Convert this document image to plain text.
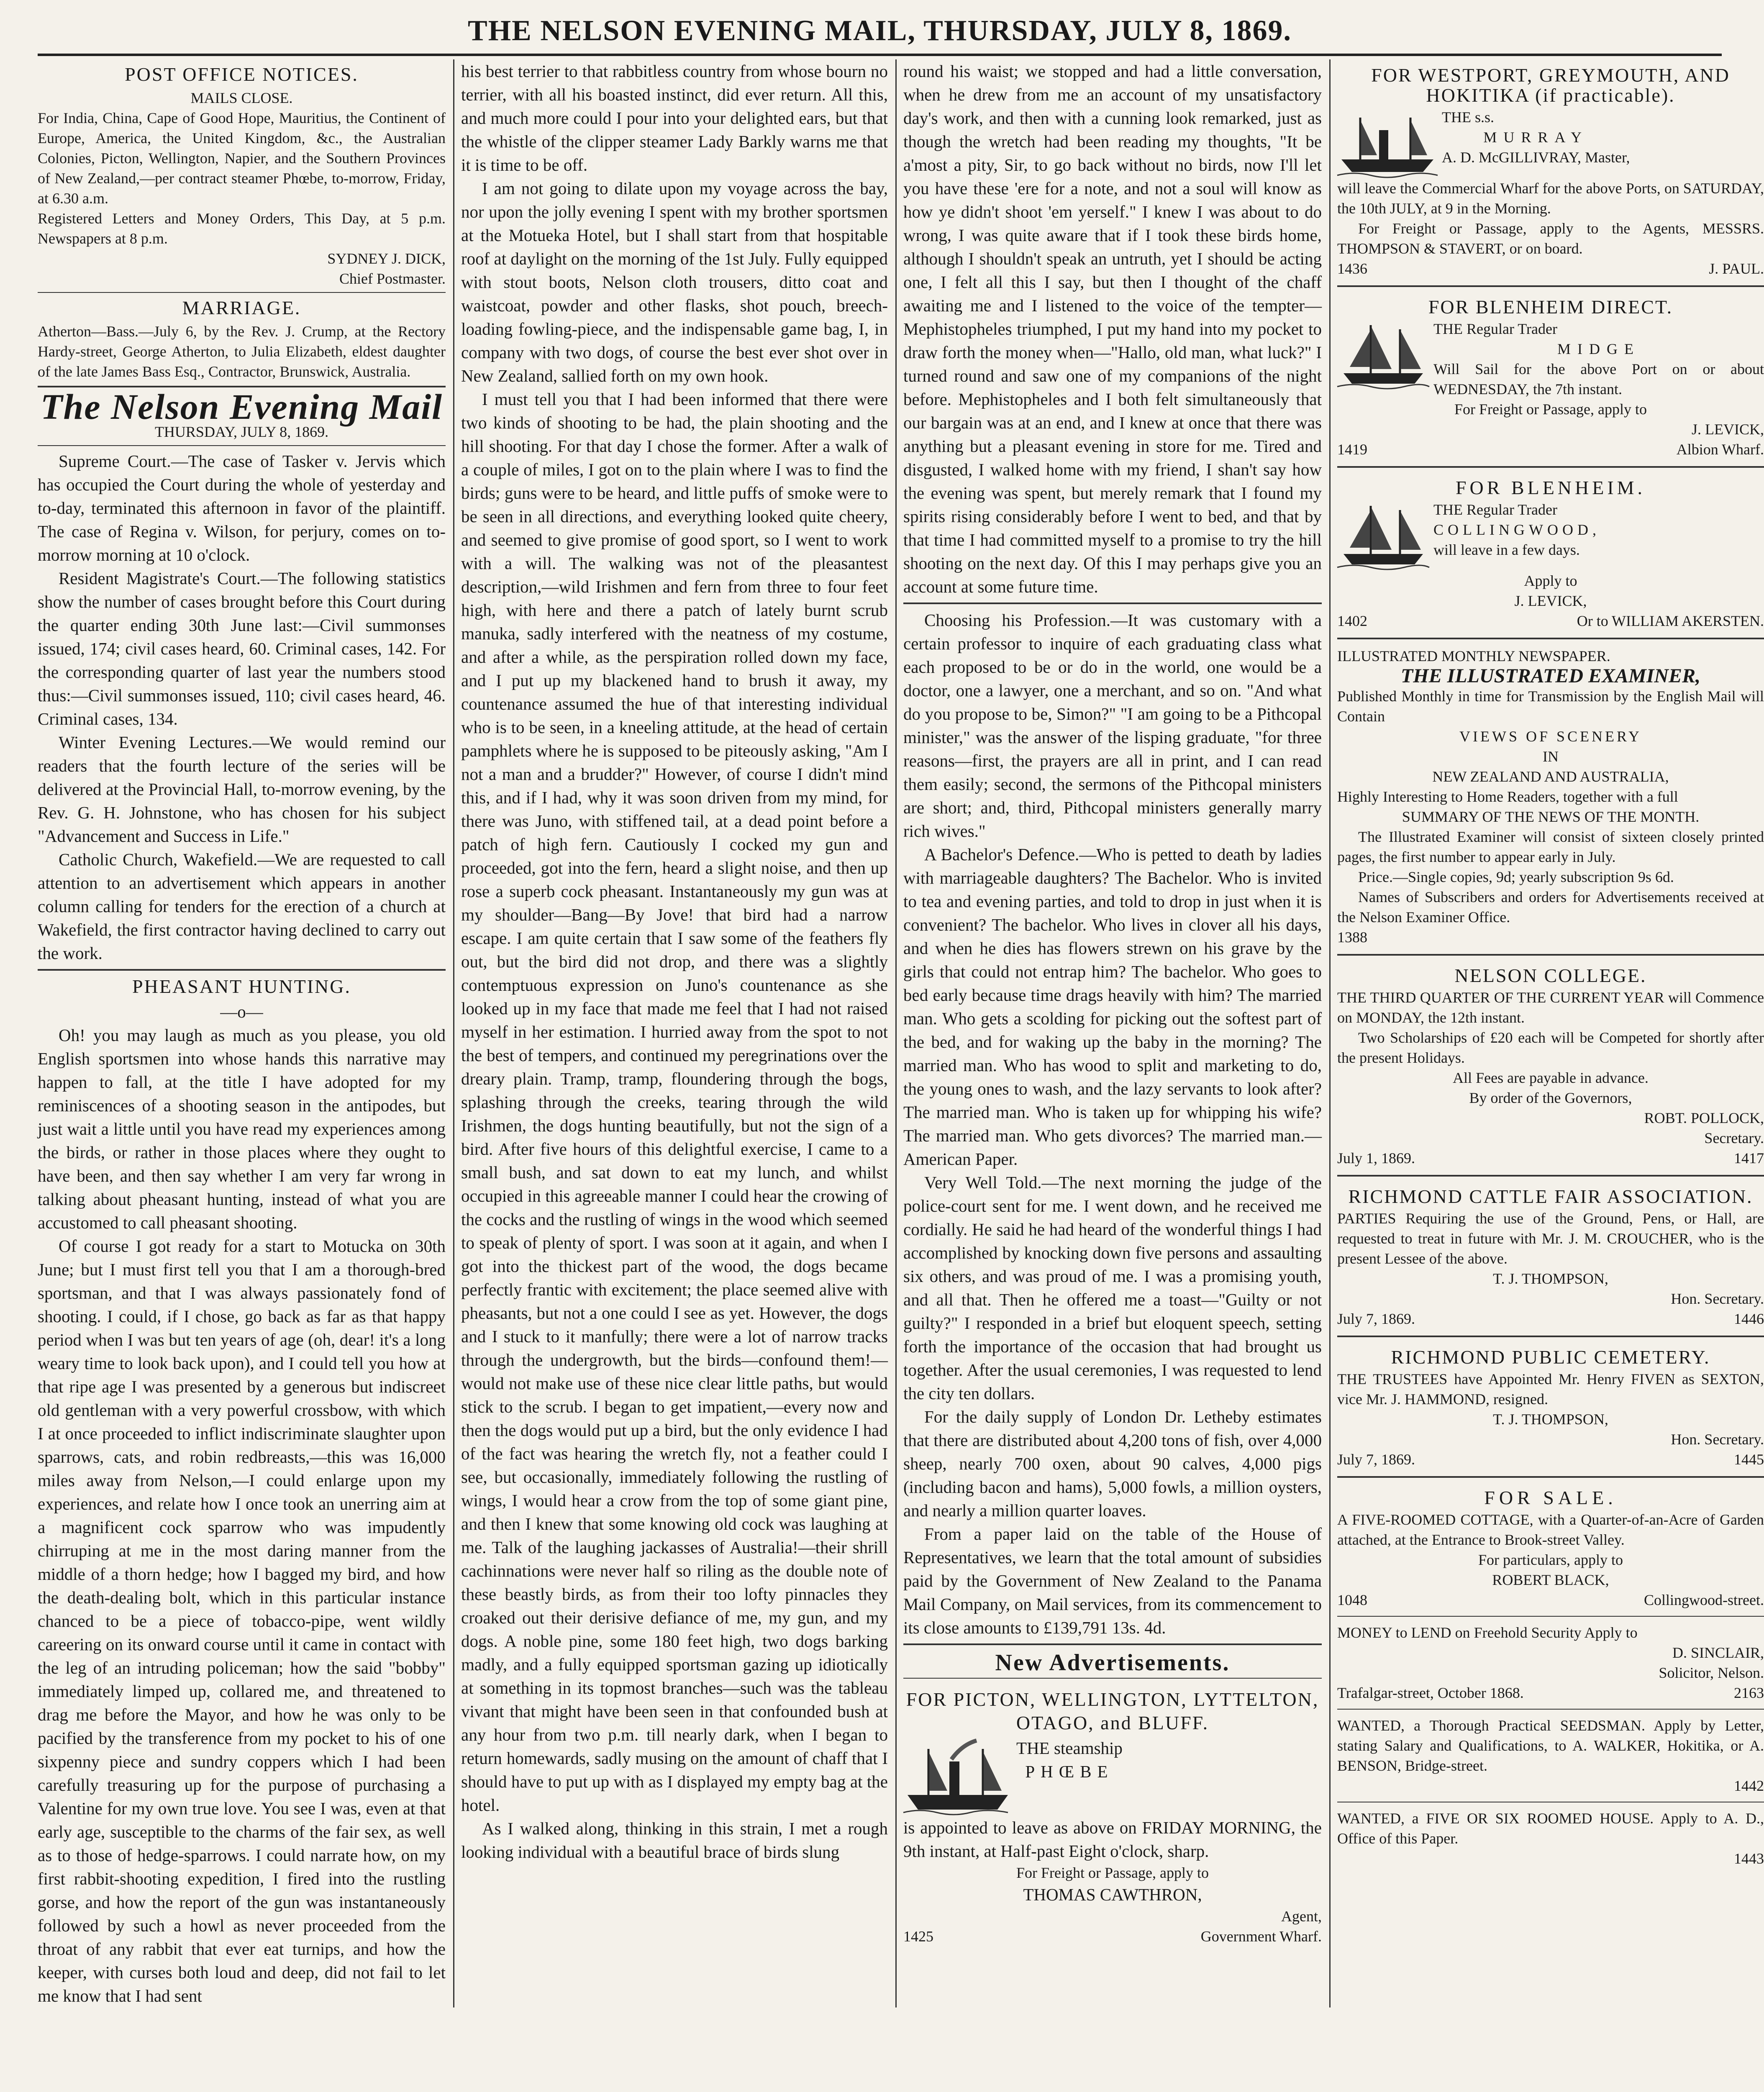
THE NELSON EVENING MAIL, THURSDAY, JULY 8, 1869.
POST OFFICE NOTICES.
MAILS CLOSE.

For India, China, Cape of Good Hope, Mauritius, the Continent of Europe, America, the United Kingdom, &c., the Australian Colonies, Picton, Wellington, Napier, and the Southern Provinces of New Zealand,—per contract steamer Phœbe, to-morrow, Friday, at 6.30 a.m.

Registered Letters and Money Orders, This Day, at 5 p.m. Newspapers at 8 p.m.

SYDNEY J. DICK,
Chief Postmaster.
MARRIAGE.

Atherton—Bass.—July 6, by the Rev. J. Crump, at the Rectory Hardy-street, George Atherton, to Julia Elizabeth, eldest daughter of the late James Bass Esq., Contractor, Brunswick, Australia.

The Nelson Evening Mail
THURSDAY, JULY 8, 1869.

Supreme Court.—The case of Tasker v. Jervis which has occupied the Court during the whole of yesterday and to-day, terminated this afternoon in favor of the plaintiff. The case of Regina v. Wilson, for perjury, comes on to-morrow morning at 10 o'clock.

Resident Magistrate's Court.—The following statistics show the number of cases brought before this Court during the quarter ending 30th June last:—Civil summonses issued, 174; civil cases heard, 60. Criminal cases, 142. For the corresponding quarter of last year the numbers stood thus:—Civil summonses issued, 110; civil cases heard, 46. Criminal cases, 134.

Winter Evening Lectures.—We would remind our readers that the fourth lecture of the series will be delivered at the Provincial Hall, to-morrow evening, by the Rev. G. H. Johnstone, who has chosen for his subject "Advancement and Success in Life."

Catholic Church, Wakefield.—We are requested to call attention to an advertisement which appears in another column calling for tenders for the erection of a church at Wakefield, the first contractor having declined to carry out the work.

PHEASANT HUNTING.
—o—

Oh! you may laugh as much as you please, you old English sportsmen into whose hands this narrative may happen to fall, at the title I have adopted for my reminiscences of a shooting season in the antipodes, but just wait a little until you have read my experiences among the birds, or rather in those places where they ought to have been, and then say whether I am very far wrong in talking about pheasant hunting, instead of what you are accustomed to call pheasant shooting.

Of course I got ready for a start to Motucka on 30th June; but I must first tell you that I am a thorough-bred sportsman, and that I was always passionately fond of shooting. I could, if I chose, go back as far as that happy period when I was but ten years of age (oh, dear! it's a long weary time to look back upon), and I could tell you how at that ripe age I was presented by a generous but indiscreet old gentleman with a very powerful crossbow, with which I at once proceeded to inflict indiscriminate slaughter upon sparrows, cats, and robin redbreasts,—this was 16,000 miles away from Nelson,—I could enlarge upon my experiences, and relate how I once took an unerring aim at a magnificent cock sparrow who was impudently chirruping at me in the most daring manner from the middle of a thorn hedge; how I bagged my bird, and how the death-dealing bolt, which in this particular instance chanced to be a piece of tobacco-pipe, went wildly careering on its onward course until it came in contact with the leg of an intruding policeman; how the said "bobby" immediately limped up, collared me, and threatened to drag me before the Mayor, and how he was only to be pacified by the transference from my pocket to his of one sixpenny piece and sundry coppers which I had been carefully treasuring up for the purpose of purchasing a Valentine for my own true love. You see I was, even at that early age, susceptible to the charms of the fair sex, as well as to those of hedge-sparrows. I could narrate how, on my first rabbit-shooting expedition, I fired into the rustling gorse, and how the report of the gun was instantaneously followed by such a howl as never proceeded from the throat of any rabbit that ever eat turnips, and how the keeper, with curses both loud and deep, did not fail to let me know that I had sent

his best terrier to that rabbitless country from whose bourn no terrier, with all his boasted instinct, did ever return. All this, and much more could I pour into your delighted ears, but that the whistle of the clipper steamer Lady Barkly warns me that it is time to be off.

I am not going to dilate upon my voyage across the bay, nor upon the jolly evening I spent with my brother sportsmen at the Motueka Hotel, but I shall start from that hospitable roof at daylight on the morning of the 1st July. Fully equipped with stout boots, Nelson cloth trousers, ditto coat and waistcoat, powder and other flasks, shot pouch, breech-loading fowling-piece, and the indispensable game bag, I, in company with two dogs, of course the best ever shot over in New Zealand, sallied forth on my own hook.

I must tell you that I had been informed that there were two kinds of shooting to be had, the plain shooting and the hill shooting. For that day I chose the former. After a walk of a couple of miles, I got on to the plain where I was to find the birds; guns were to be heard, and little puffs of smoke were to be seen in all directions, and everything looked quite cheery, and seemed to give promise of good sport, so I went to work with a will. The walking was not of the pleasantest description,—wild Irishmen and fern from three to four feet high, with here and there a patch of lately burnt scrub manuka, sadly interfered with the neatness of my costume, and after a while, as the perspiration rolled down my face, and I put up my blackened hand to brush it away, my countenance assumed the hue of that interesting individual who is to be seen, in a kneeling attitude, at the head of certain pamphlets where he is supposed to be piteously asking, "Am I not a man and a brudder?" However, of course I didn't mind this, and if I had, why it was soon driven from my mind, for there was Juno, with stiffened tail, at a dead point before a patch of high fern. Cautiously I cocked my gun and proceeded, got into the fern, heard a slight noise, and then up rose a superb cock pheasant. Instantaneously my gun was at my shoulder—Bang—By Jove! that bird had a narrow escape. I am quite certain that I saw some of the feathers fly out, but the bird did not drop, and there was a slightly contemptuous expression on Juno's countenance as she looked up in my face that made me feel that I had not raised myself in her estimation. I hurried away from the spot to not the best of tempers, and continued my peregrinations over the dreary plain. Tramp, tramp, floundering through the bogs, splashing through the creeks, tearing through the wild Irishmen, the dogs hunting beautifully, but not the sign of a bird. After five hours of this delightful exercise, I came to a small bush, and sat down to eat my lunch, and whilst occupied in this agreeable manner I could hear the crowing of the cocks and the rustling of wings in the wood which seemed to speak of plenty of sport. I was soon at it again, and when I got into the thickest part of the wood, the dogs became perfectly frantic with excitement; the place seemed alive with pheasants, but not a one could I see as yet. However, the dogs and I stuck to it manfully; there were a lot of narrow tracks through the undergrowth, but the birds—confound them!—would not make use of these nice clear little paths, but would stick to the scrub. I began to get impatient,—every now and then the dogs would put up a bird, but the only evidence I had of the fact was hearing the wretch fly, not a feather could I see, but occasionally, immediately following the rustling of wings, I would hear a crow from the top of some giant pine, and then I knew that some knowing old cock was laughing at me. Talk of the laughing jackasses of Australia!—their shrill cachinnations were never half so riling as the double note of these beastly birds, as from their too lofty pinnacles they croaked out their derisive defiance of me, my gun, and my dogs. A noble pine, some 180 feet high, two dogs barking madly, and a fully equipped sportsman gazing up idiotically at something in its topmost branches—such was the tableau vivant that might have been seen in that confounded bush at any hour from two p.m. till nearly dark, when I began to return homewards, sadly musing on the amount of chaff that I should have to put up with as I displayed my empty bag at the hotel.

As I walked along, thinking in this strain, I met a rough looking individual with a beautiful brace of birds slung

round his waist; we stopped and had a little conversation, when he drew from me an account of my unsatisfactory day's work, and then with a cunning look remarked, just as though the wretch had been reading my thoughts, "It be a'most a pity, Sir, to go back without no birds, now I'll let you have these 'ere for a note, and not a soul will know as how ye didn't shoot 'em yerself." I knew I was about to do wrong, I was quite aware that if I took these birds home, although I shouldn't speak an untruth, yet I should be acting one, I felt all this I say, but then I thought of the chaff awaiting me and I listened to the voice of the tempter—Mephistopheles triumphed, I put my hand into my pocket to draw forth the money when—"Hallo, old man, what luck?" I turned round and saw one of my companions of the night before. Mephistopheles and I both felt simultaneously that our bargain was at an end, and I knew at once that there was anything but a pleasant evening in store for me. Tired and disgusted, I walked home with my friend, I shan't say how the evening was spent, but merely remark that I found my spirits rising considerably before I went to bed, and that by that time I had committed myself to a promise to try the hill shooting on the next day. Of this I may perhaps give you an account at some future time.

Choosing his Profession.—It was customary with a certain professor to inquire of each graduating class what each proposed to be or do in the world, one would be a doctor, one a lawyer, one a merchant, and so on. "And what do you propose to be, Simon?" "I am going to be a Pithcopal minister," was the answer of the lisping graduate, "for three reasons—first, the prayers are all in print, and I can read them easily; second, the sermons of the Pithcopal ministers are short; and, third, Pithcopal ministers generally marry rich wives."

A Bachelor's Defence.—Who is petted to death by ladies with marriageable daughters? The Bachelor. Who is invited to tea and evening parties, and told to drop in just when it is convenient? The bachelor. Who lives in clover all his days, and when he dies has flowers strewn on his grave by the girls that could not entrap him? The bachelor. Who goes to bed early because time drags heavily with him? The married man. Who gets a scolding for picking out the softest part of the bed, and for waking up the baby in the morning? The married man. Who has wood to split and marketing to do, the young ones to wash, and the lazy servants to look after? The married man. Who is taken up for whipping his wife? The married man. Who gets divorces? The married man.—American Paper.

Very Well Told.—The next morning the judge of the police-court sent for me. I went down, and he received me cordially. He said he had heard of the wonderful things I had accomplished by knocking down five persons and assaulting six others, and was proud of me. I was a promising youth, and all that. Then he offered me a toast—"Guilty or not guilty?" I responded in a brief but eloquent speech, setting forth the importance of the occasion that had brought us together. After the usual ceremonies, I was requested to lend the city ten dollars.

For the daily supply of London Dr. Letheby estimates that there are distributed about 4,200 tons of fish, over 4,000 sheep, nearly 700 oxen, about 90 calves, 4,000 pigs (including bacon and hams), 5,000 fowls, a million oysters, and nearly a million quarter loaves.

From a paper laid on the table of the House of Representatives, we learn that the total amount of subsidies paid by the Government of New Zealand to the Panama Mail Company, on Mail services, from its commencement to its close amounts to £139,791 13s. 4d.

New Advertisements.
FOR PICTON, WELLINGTON, LYTTELTON, OTAGO, and BLUFF.
THE steamship
PHŒBE

is appointed to leave as above on FRIDAY MORNING, the 9th instant, at Half-past Eight o'clock, sharp.

For Freight or Passage, apply to
THOMAS CAWTHRON,
Agent,
1425	Government Wharf.
FOR WESTPORT, GREYMOUTH, AND HOKITIKA (if practicable).
THE s.s.
MURRAY
A. D. McGILLIVRAY, Master,

will leave the Commercial Wharf for the above Ports, on SATURDAY, the 10th JULY, at 9 in the Morning.

For Freight or Passage, apply to the Agents, MESSRS. THOMPSON & STAVERT, or on board.

1436	J. PAUL.
FOR BLENHEIM DIRECT.
THE Regular Trader
MIDGE
Will Sail for the above Port on or about WEDNESDAY, the 7th instant.
For Freight or Passage, apply to
J. LEVICK,
1419	Albion Wharf.
FOR BLENHEIM.
THE Regular Trader
COLLINGWOOD,
will leave in a few days.
Apply to
J. LEVICK,
1402	Or to WILLIAM AKERSTEN.
ILLUSTRATED MONTHLY NEWSPAPER.
THE ILLUSTRATED EXAMINER,

Published Monthly in time for Transmission by the English Mail will Contain

VIEWS OF SCENERY
IN
NEW ZEALAND AND AUSTRALIA,

Highly Interesting to Home Readers, together with a full

SUMMARY OF THE NEWS OF THE MONTH.

The Illustrated Examiner will consist of sixteen closely printed pages, the first number to appear early in July.

Price.—Single copies, 9d; yearly subscription 9s 6d.

Names of Subscribers and orders for Advertisements received at the Nelson Examiner Office.

1388
NELSON COLLEGE.

THE THIRD QUARTER OF THE CURRENT YEAR will Commence on MONDAY, the 12th instant.

Two Scholarships of £20 each will be Competed for shortly after the present Holidays.

All Fees are payable in advance.
By order of the Governors,
ROBT. POLLOCK,
Secretary.
July 1, 1869.	1417
RICHMOND CATTLE FAIR ASSOCIATION.

PARTIES Requiring the use of the Ground, Pens, or Hall, are requested to treat in future with Mr. J. M. CROUCHER, who is the present Lessee of the above.

T. J. THOMPSON,
Hon. Secretary.
July 7, 1869.	1446
RICHMOND PUBLIC CEMETERY.

THE TRUSTEES have Appointed Mr. Henry FIVEN as SEXTON, vice Mr. J. HAMMOND, resigned.

T. J. THOMPSON,
Hon. Secretary.
July 7, 1869.	1445
FOR SALE.

A FIVE-ROOMED COTTAGE, with a Quarter-of-an-Acre of Garden attached, at the Entrance to Brook-street Valley.

For particulars, apply to
ROBERT BLACK,
1048	Collingwood-street.

MONEY to LEND on Freehold Security Apply to

D. SINCLAIR,
Solicitor, Nelson.
Trafalgar-street, October 1868.	2163

WANTED, a Thorough Practical SEEDSMAN. Apply by Letter, stating Salary and Qualifications, to A. WALKER, Hokitika, or A. BENSON, Bridge-street.

1442

WANTED, a FIVE OR SIX ROOMED HOUSE. Apply to A. D., Office of this Paper.

1443
